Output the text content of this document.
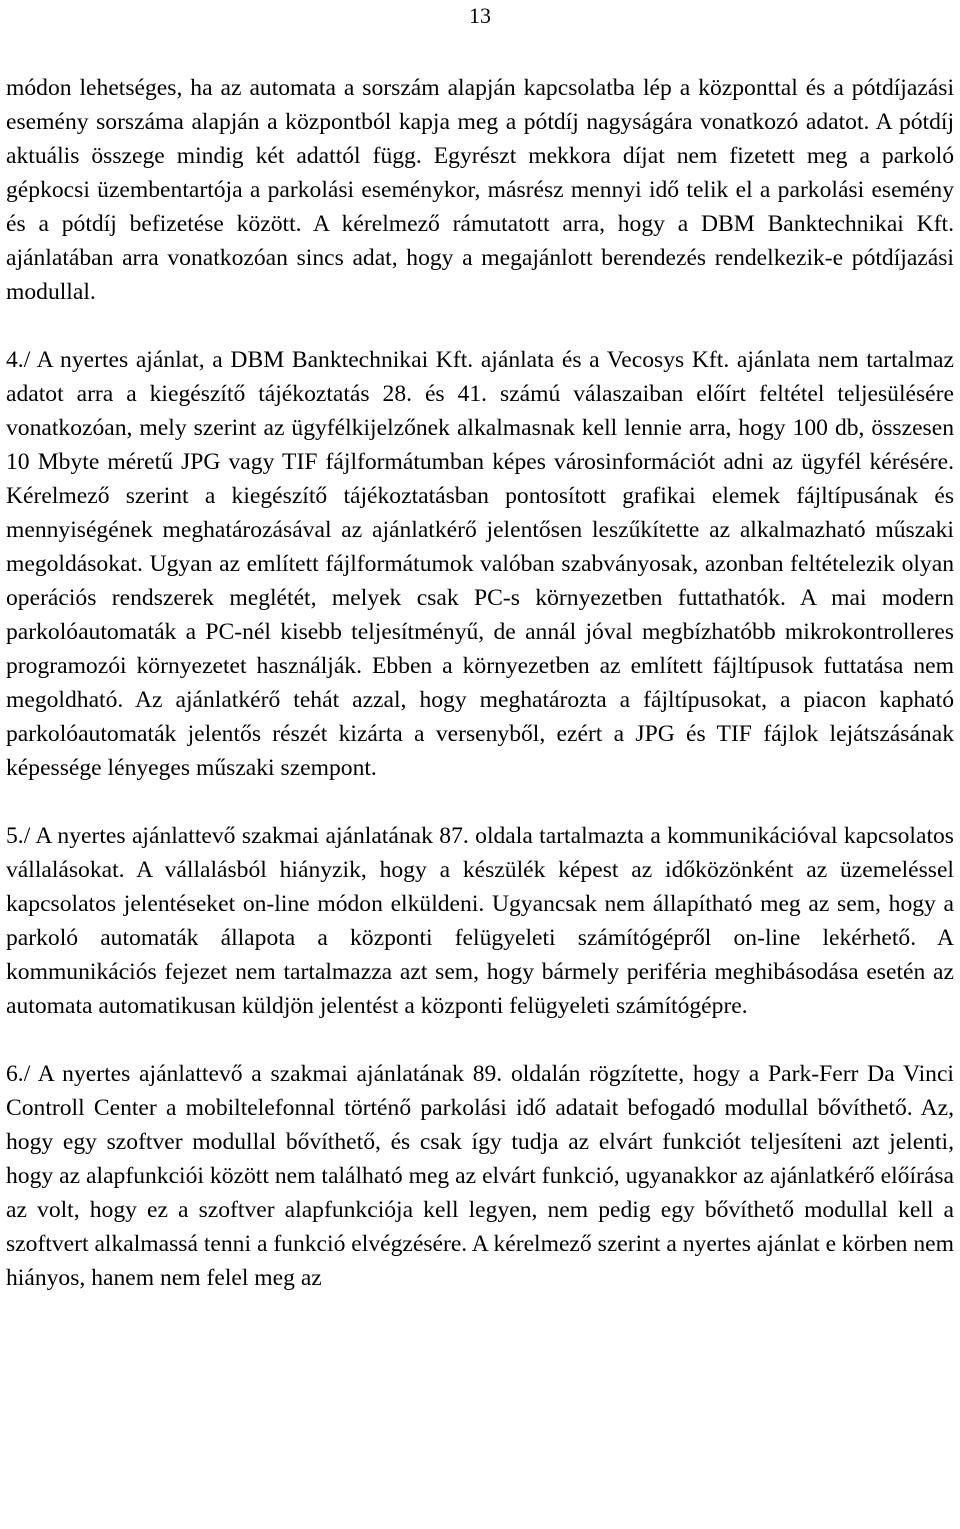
13

módon lehetséges, ha az automata a sorszám alapján kapcsolatba lép a központtal és a pótdíjazási esemény sorszáma alapján a központból kapja meg a pótdíj nagyságára vonatkozó adatot. A pótdíj aktuális összege mindig két adattól függ. Egyrészt mekkora díjat nem fizetett meg a parkoló gépkocsi üzembentartója a parkolási eseménykor, másrész mennyi idő telik el a parkolási esemény és a pótdíj befizetése között. A kérelmező rámutatott arra, hogy a DBM Banktechnikai Kft. ajánlatában arra vonatkozóan sincs adat, hogy a megajánlott berendezés rendelkezik-e pótdíjazási modullal.

4./ A nyertes ajánlat, a DBM Banktechnikai Kft. ajánlata és a Vecosys Kft. ajánlata nem tartalmaz adatot arra a kiegészítő tájékoztatás 28. és 41. számú válaszaiban előírt feltétel teljesülésére vonatkozóan, mely szerint az ügyfélkijelzőnek alkalmasnak kell lennie arra, hogy 100 db, összesen 10 Mbyte méretű JPG vagy TIF fájlformátumban képes városinformációt adni az ügyfél kérésére. Kérelmező szerint a kiegészítő tájékoztatásban pontosított grafikai elemek fájltípusának és mennyiségének meghatározásával az ajánlatkérő jelentősen leszűkítette az alkalmazható műszaki megoldásokat. Ugyan az említett fájlformátumok valóban szabványosak, azonban feltételezik olyan operációs rendszerek meglétét, melyek csak PC-s környezetben futtathatók. A mai modern parkolóautomaták a PC-nél kisebb teljesítményű, de annál jóval megbízhatóbb mikrokontrolleres programozói környezetet használják. Ebben a környezetben az említett fájltípusok futtatása nem megoldható. Az ajánlatkérő tehát azzal, hogy meghatározta a fájltípusokat, a piacon kapható parkolóautomaták jelentős részét kizárta a versenyből, ezért a JPG és TIF fájlok lejátszásának képessége lényeges műszaki szempont.

5./ A nyertes ajánlattevő szakmai ajánlatának 87. oldala tartalmazta a kommunikációval kapcsolatos vállalásokat. A vállalásból hiányzik, hogy a készülék képest az időközönként az üzemeléssel kapcsolatos jelentéseket on-line módon elküldeni. Ugyancsak nem állapítható meg az sem, hogy a parkoló automaták állapota a központi felügyeleti számítógépről on-line lekérhető. A kommunikációs fejezet nem tartalmazza azt sem, hogy bármely periféria meghibásodása esetén az automata automatikusan küldjön jelentést a központi felügyeleti számítógépre.

6./ A nyertes ajánlattevő a szakmai ajánlatának 89. oldalán rögzítette, hogy a Park-Ferr Da Vinci Controll Center a mobiltelefonnal történő parkolási idő adatait befogadó modullal bővíthető. Az, hogy egy szoftver modullal bővíthető, és csak így tudja az elvárt funkciót teljesíteni azt jelenti, hogy az alapfunkciói között nem található meg az elvárt funkció, ugyanakkor az ajánlatkérő előírása az volt, hogy ez a szoftver alapfunkciója kell legyen, nem pedig egy bővíthető modullal kell a szoftvert alkalmassá tenni a funkció elvégzésére. A kérelmező szerint a nyertes ajánlat e körben nem hiányos, hanem nem felel meg az
